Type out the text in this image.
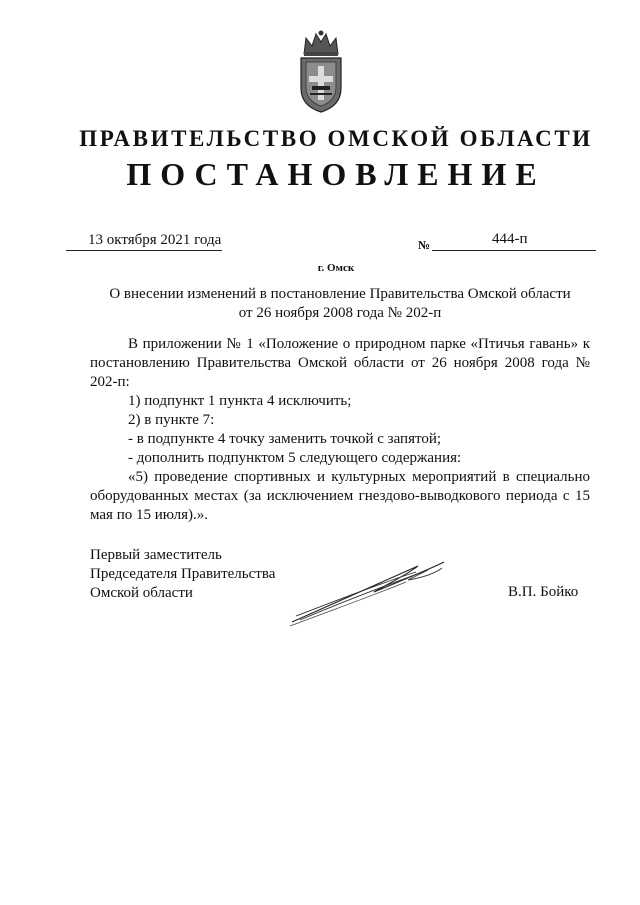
ПРАВИТЕЛЬСТВО ОМСКОЙ ОБЛАСТИ
ПОСТАНОВЛЕНИЕ
13 октября 2021 года	№	444-п
г. Омск
О внесении изменений в постановление Правительства Омской области
от 26 ноября 2008 года № 202-п

В приложении № 1 «Положение о природном парке «Птичья гавань» к постановлению Правительства Омской области от 26 ноября 2008 года № 202-п:

1) подпункт 1 пункта 4 исключить;

2) в пункте 7:

- в подпункте 4 точку заменить точкой с запятой;

- дополнить подпунктом 5 следующего содержания:

«5) проведение спортивных и культурных мероприятий в специально оборудованных местах (за исключением гнездово-выводкового периода с 15 мая по 15 июля).».

Первый заместитель
Председателя Правительства
Омской области	В.П. Бойко
